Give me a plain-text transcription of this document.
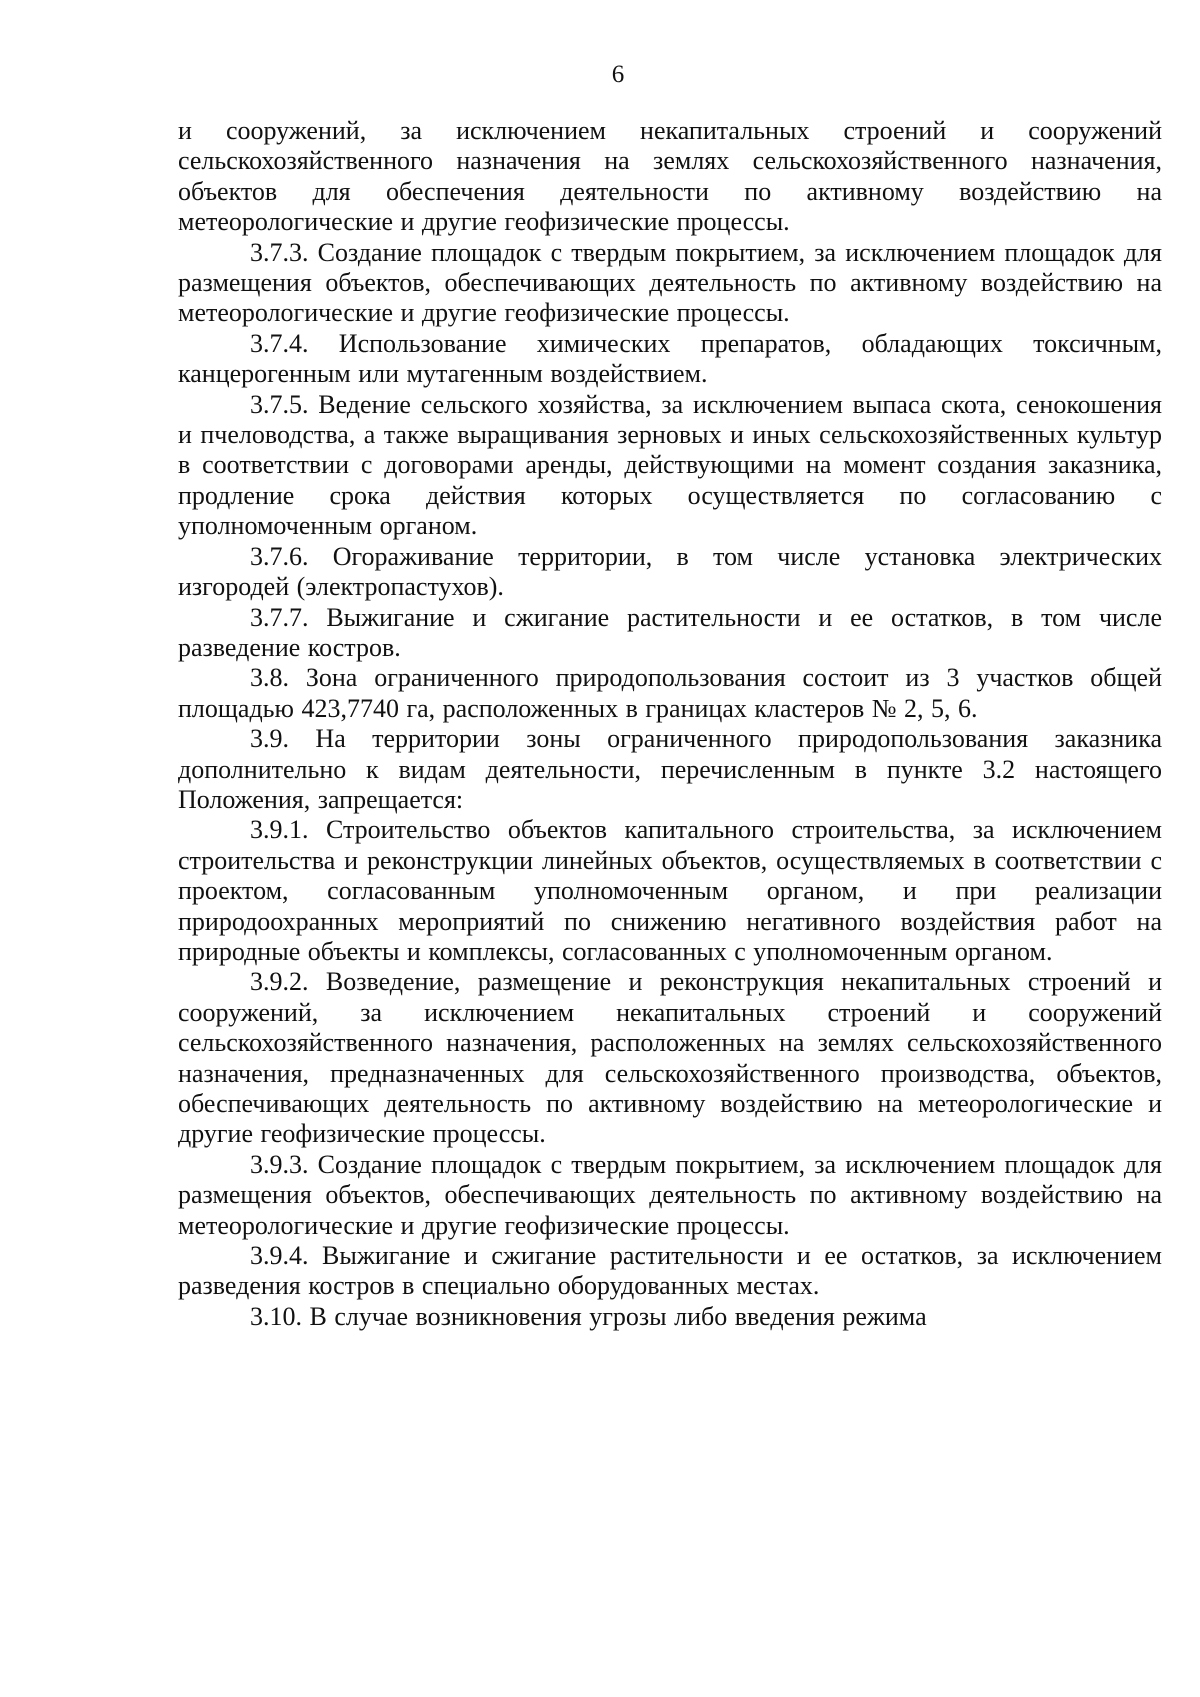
6

и сооружений, за исключением некапитальных строений и сооружений сельскохозяйственного назначения на землях сельскохозяйственного назначения, объектов для обеспечения деятельности по активному воздействию на метеорологические и другие геофизические процессы.

3.7.3. Создание площадок с твердым покрытием, за исключением площадок для размещения объектов, обеспечивающих деятельность по активному воздействию на метеорологические и другие геофизические процессы.

3.7.4. Использование химических препаратов, обладающих токсичным, канцерогенным или мутагенным воздействием.

3.7.5. Ведение сельского хозяйства, за исключением выпаса скота, сенокошения и пчеловодства, а также выращивания зерновых и иных сельскохозяйственных культур в соответствии с договорами аренды, действующими на момент создания заказника, продление срока действия которых осуществляется по согласованию с уполномоченным органом.

3.7.6. Огораживание территории, в том числе установка электрических изгородей (электропастухов).

3.7.7. Выжигание и сжигание растительности и ее остатков, в том числе разведение костров.

3.8. Зона ограниченного природопользования состоит из 3 участков общей площадью 423,7740 га, расположенных в границах кластеров № 2, 5, 6.

3.9. На территории зоны ограниченного природопользования заказника дополнительно к видам деятельности, перечисленным в пункте 3.2 настоящего Положения, запрещается:

3.9.1. Строительство объектов капитального строительства, за исключением строительства и реконструкции линейных объектов, осуществляемых в соответствии с проектом, согласованным уполномоченным органом, и при реализации природоохранных мероприятий по снижению негативного воздействия работ на природные объекты и комплексы, согласованных с уполномоченным органом.

3.9.2. Возведение, размещение и реконструкция некапитальных строений и сооружений, за исключением некапитальных строений и сооружений сельскохозяйственного назначения, расположенных на землях сельскохозяйственного назначения, предназначенных для сельскохозяйственного производства, объектов, обеспечивающих деятельность по активному воздействию на метеорологические и другие геофизические процессы.

3.9.3. Создание площадок с твердым покрытием, за исключением площадок для размещения объектов, обеспечивающих деятельность по активному воздействию на метеорологические и другие геофизические процессы.

3.9.4. Выжигание и сжигание растительности и ее остатков, за исключением разведения костров в специально оборудованных местах.

3.10. В случае возникновения угрозы либо введения режима
